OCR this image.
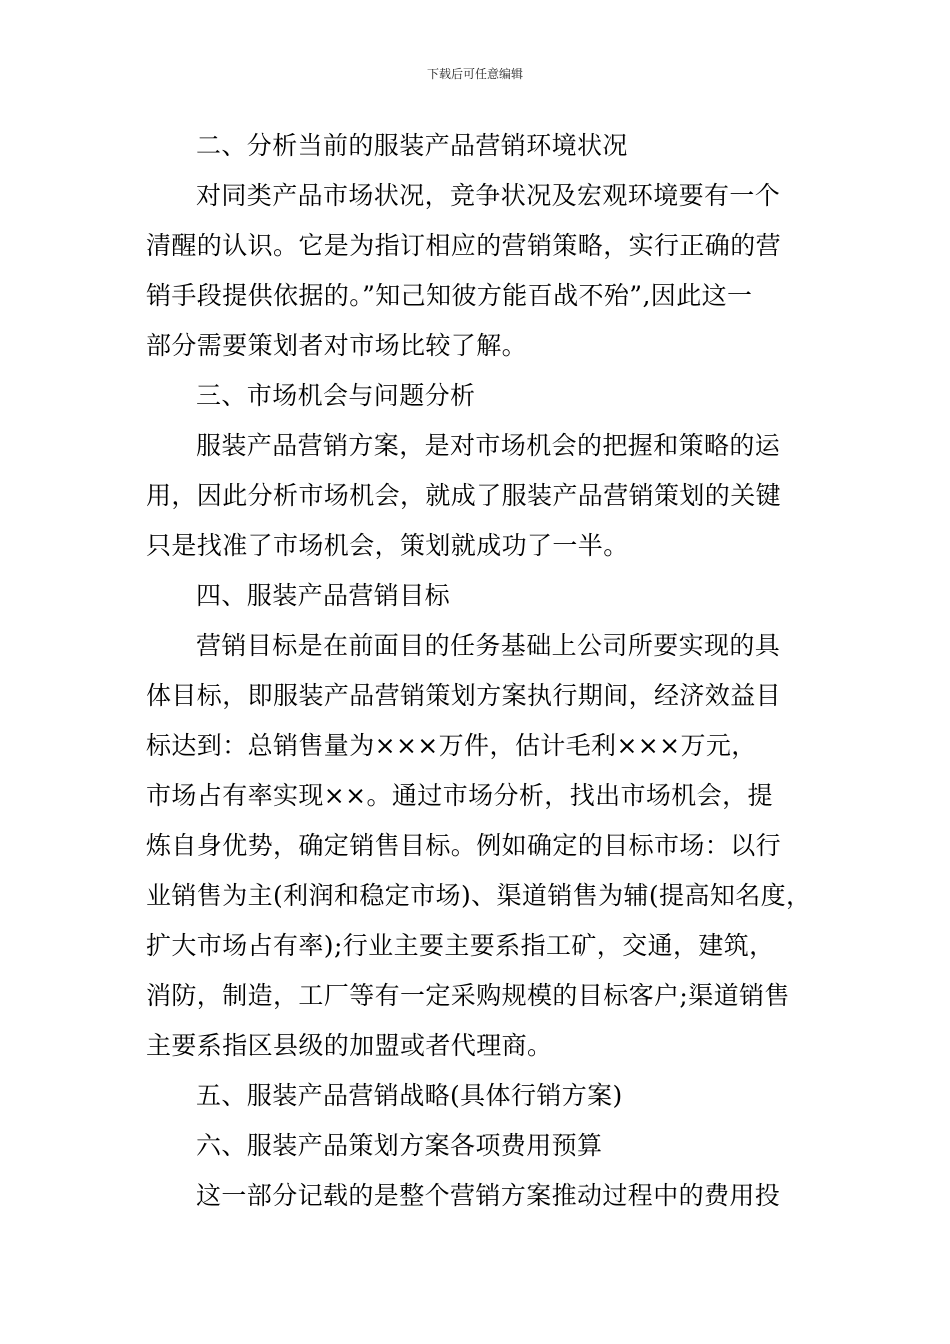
下载后可任意编辑
二、分析当前的服装产品营销环境状况
对同类产品市场状况，竞争状况及宏观环境要有一个
清醒的认识。它是为指订相应的营销策略，实行正确的营
销手段提供依据的。”知己知彼方能百战不殆”,因此这一
部分需要策划者对市场比较了解。
三、市场机会与问题分析
服装产品营销方案，是对市场机会的把握和策略的运
用，因此分析市场机会，就成了服装产品营销策划的关键
只是找准了市场机会，策划就成功了一半。
四、服装产品营销目标
营销目标是在前面目的任务基础上公司所要实现的具
体目标，即服装产品营销策划方案执行期间，经济效益目
标达到：总销售量为×××万件，估计毛利×××万元，
市场占有率实现××。通过市场分析，找出市场机会，提
炼自身优势，确定销售目标。例如确定的目标市场：以行
业销售为主(利润和稳定市场)、渠道销售为辅(提高知名度，
扩大市场占有率);行业主要主要系指工矿，交通，建筑，
消防，制造，工厂等有一定采购规模的目标客户;渠道销售
主要系指区县级的加盟或者代理商。
五、服装产品营销战略(具体行销方案)
六、服装产品策划方案各项费用预算
这一部分记载的是整个营销方案推动过程中的费用投
